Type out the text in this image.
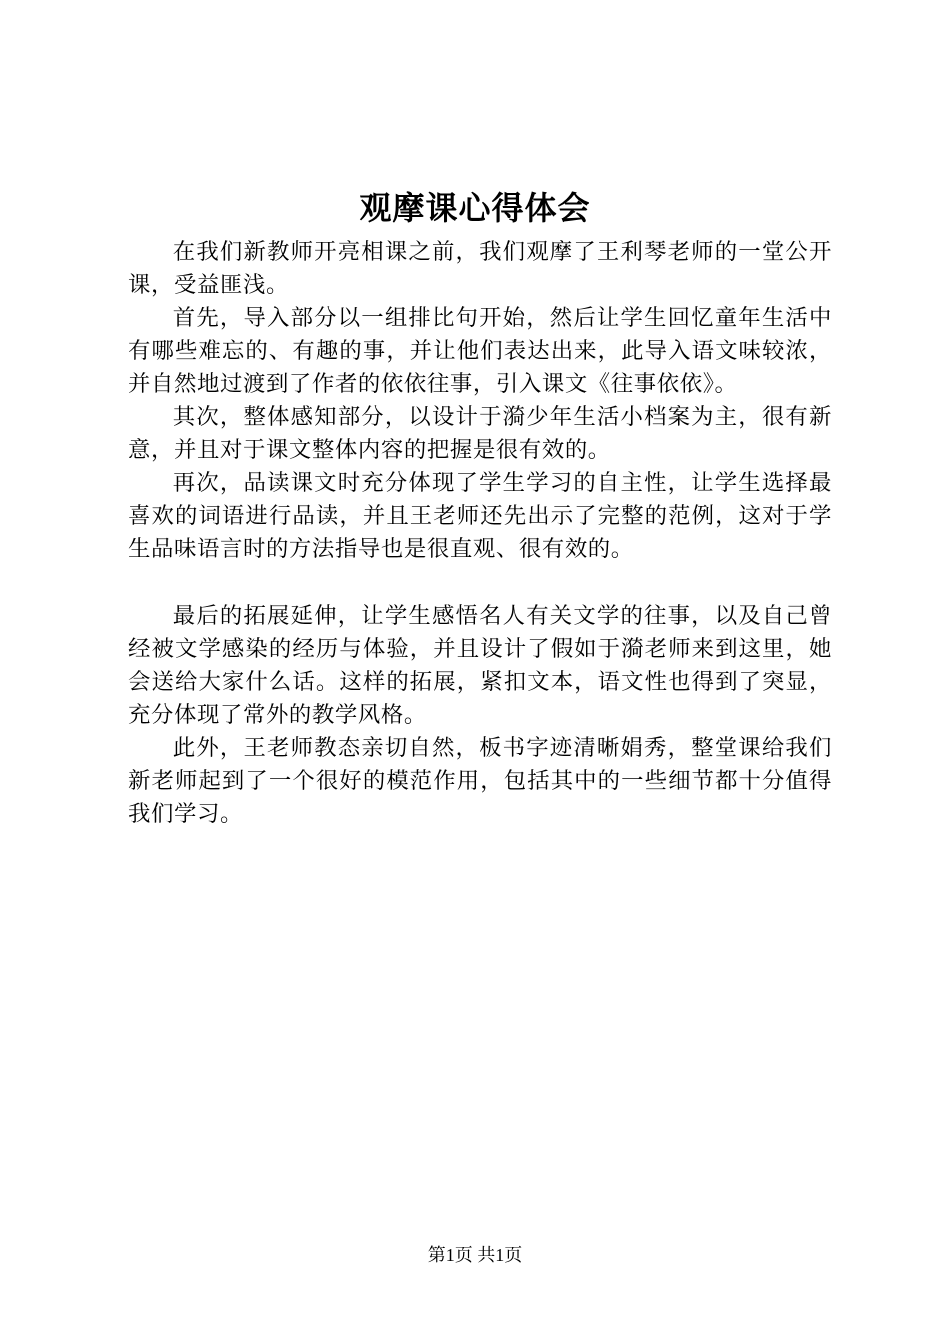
观摩课心得体会

在我们新教师开亮相课之前，我们观摩了王利琴老师的一堂公开课，受益匪浅。

首先，导入部分以一组排比句开始，然后让学生回忆童年生活中有哪些难忘的、有趣的事，并让他们表达出来，此导入语文味较浓，并自然地过渡到了作者的依依往事，引入课文《往事依依》。

其次，整体感知部分，以设计于漪少年生活小档案为主，很有新意，并且对于课文整体内容的把握是很有效的。

再次，品读课文时充分体现了学生学习的自主性，让学生选择最喜欢的词语进行品读，并且王老师还先出示了完整的范例，这对于学生品味语言时的方法指导也是很直观、很有效的。

最后的拓展延伸，让学生感悟名人有关文学的往事，以及自己曾经被文学感染的经历与体验，并且设计了假如于漪老师来到这里，她会送给大家什么话。这样的拓展，紧扣文本，语文性也得到了突显，充分体现了常外的教学风格。

此外，王老师教态亲切自然，板书字迹清晰娟秀，整堂课给我们新老师起到了一个很好的模范作用，包括其中的一些细节都十分值得我们学习。

第1页 共1页
